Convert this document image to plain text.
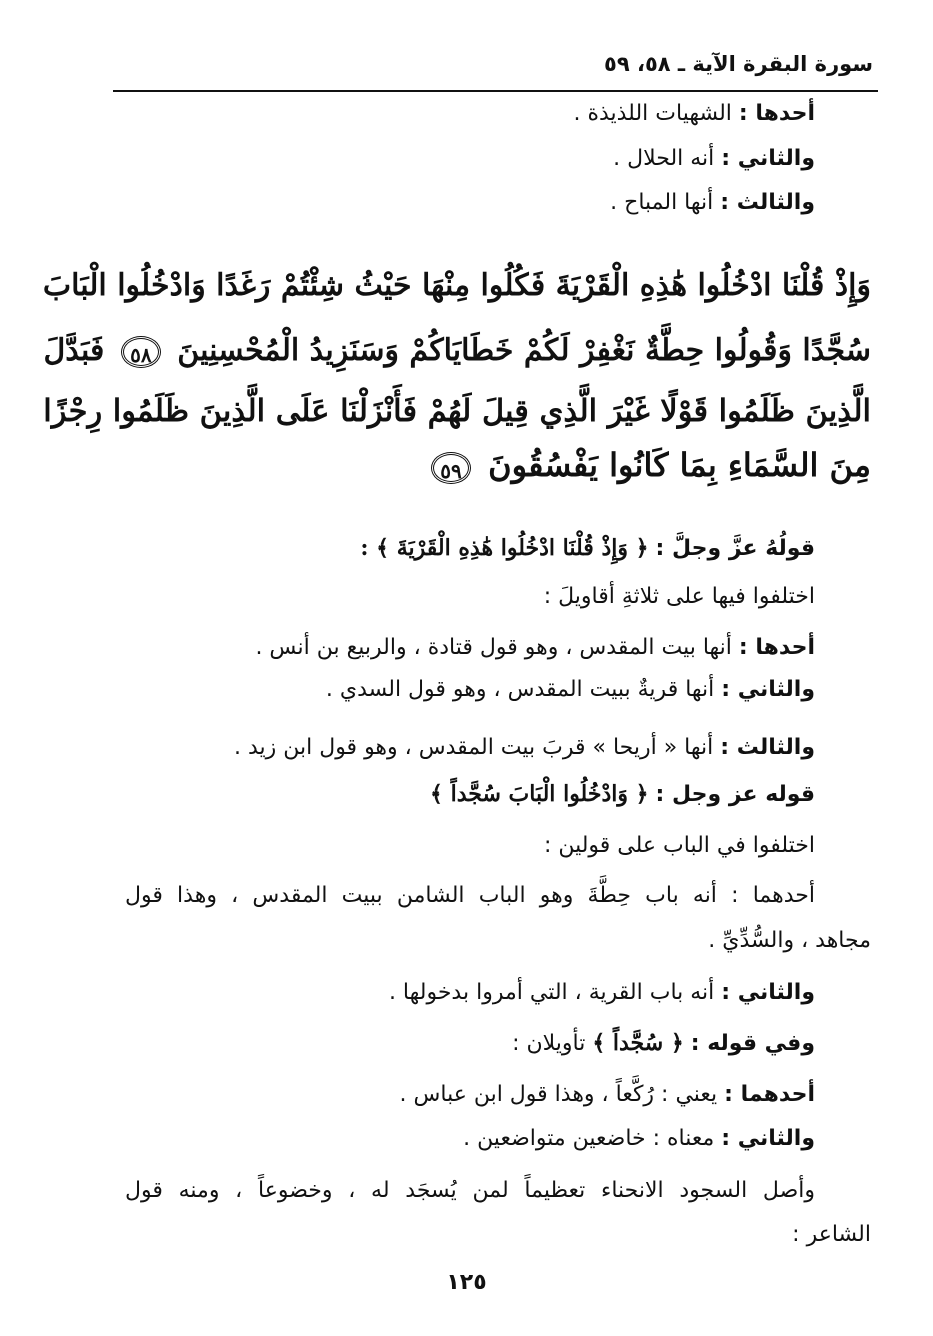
سورة البقرة الآية ـ ٥٨، ٥٩
أحدها : الشهيات اللذيذة .
والثاني : أنه الحلال .
والثالث : أنها المباح .
وَإِذْ قُلْنَا ادْخُلُوا هَٰذِهِ الْقَرْيَةَ فَكُلُوا مِنْهَا حَيْثُ شِئْتُمْ رَغَدًا وَادْخُلُوا الْبَابَ
سُجَّدًا وَقُولُوا حِطَّةٌ نَغْفِرْ لَكُمْ خَطَايَاكُمْ وَسَنَزِيدُ الْمُحْسِنِينَ ٥٨ فَبَدَّلَ
الَّذِينَ ظَلَمُوا قَوْلًا غَيْرَ الَّذِي قِيلَ لَهُمْ فَأَنْزَلْنَا عَلَى الَّذِينَ ظَلَمُوا رِجْزًا
مِنَ السَّمَاءِ بِمَا كَانُوا يَفْسُقُونَ ٥٩
قولُهُ عزَّ وجلَّ : ﴿ وَإِذْ قُلْنَا ادْخُلُوا هَٰذِهِ الْقَرْيَةَ ﴾ :
اختلفوا فيها على ثلاثةِ أقاويلَ :
أحدها : أنها بيت المقدس ، وهو قول قتادة ، والربيع بن أنس .
والثاني : أنها قريةٌ ببيت المقدس ، وهو قول السدي .
والثالث : أنها « أريحا » قربَ بيت المقدس ، وهو قول ابن زيد .
قوله عز وجل : ﴿ وَادْخُلُوا الْبَابَ سُجَّداً ﴾
اختلفوا في الباب على قولين :
أحدهما : أنه باب حِطَّةَ وهو الباب الشامن ببيت المقدس ، وهذا قول
مجاهد ، والسُّدِّيِّ .
والثاني : أنه باب القرية ، التي أمروا بدخولها .
وفي قوله : ﴿ سُجَّداً ﴾ تأويلان :
أحدهما : يعني : رُكَّعاً ، وهذا قول ابن عباس .
والثاني : معناه : خاضعين متواضعين .
وأصل السجود الانحناء تعظيماً لمن يُسجَد له ، وخضوعاً ، ومنه قول
الشاعر :
١٢٥
